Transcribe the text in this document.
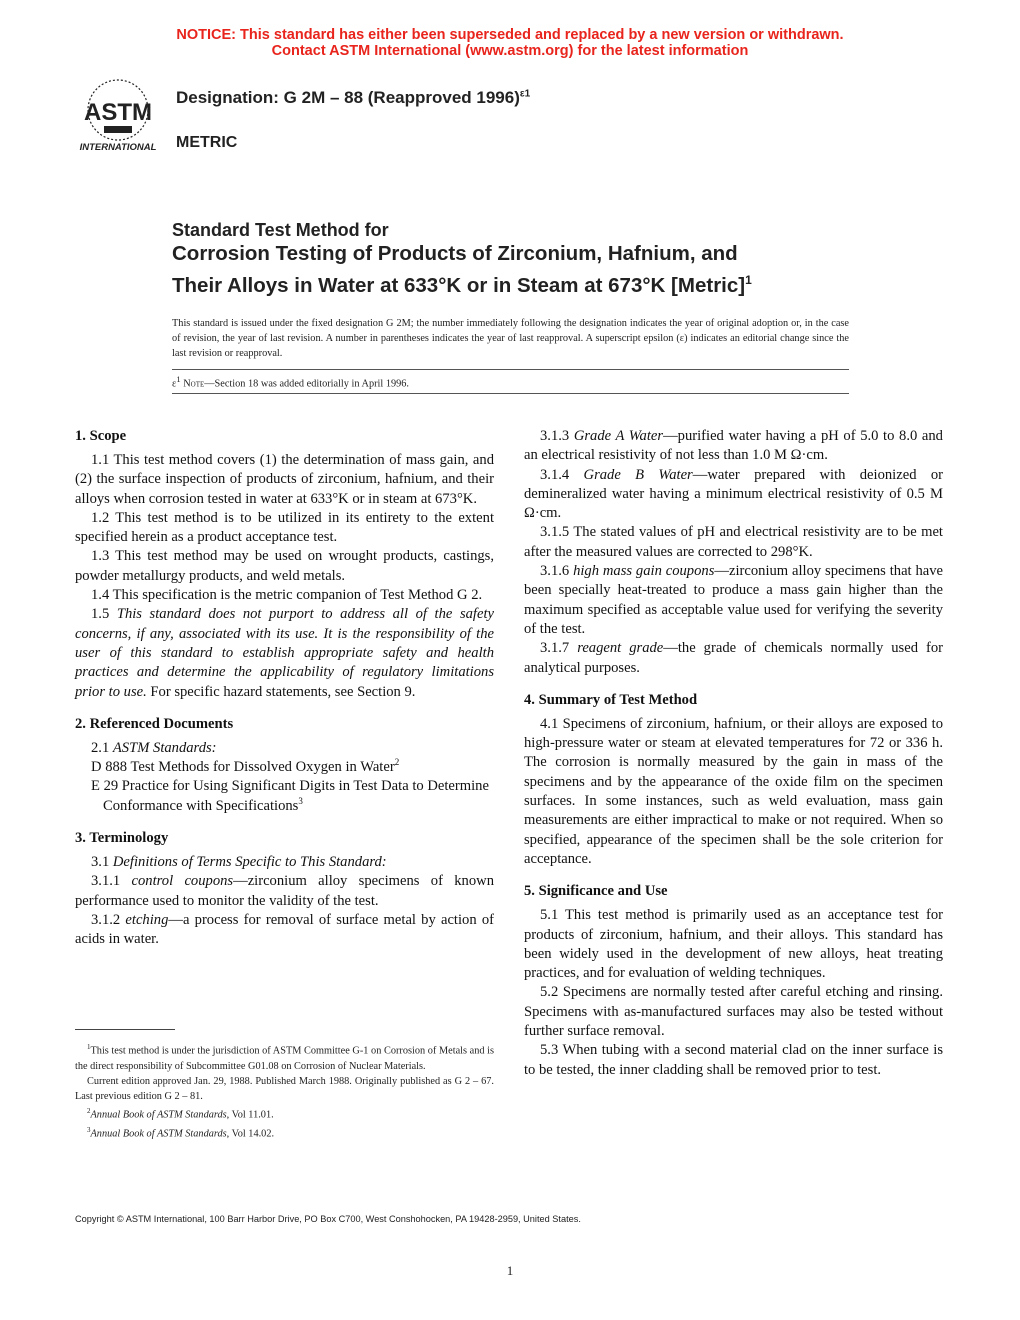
NOTICE: This standard has either been superseded and replaced by a new version or withdrawn.
Contact ASTM International (www.astm.org) for the latest information
ASTM
INTERNATIONAL
Designation: G 2M – 88 (Reapproved 1996)$^{\varepsilon 1}$
METRIC
Standard Test Method for
Corrosion Testing of Products of Zirconium, Hafnium, and
Their Alloys in Water at 633°K or in Steam at 673°K [Metric]$^1$
This standard is issued under the fixed designation G 2M; the number immediately following the designation indicates the year of original adoption or, in the case of revision, the year of last revision. A number in parentheses indicates the year of last reapproval. A superscript epsilon (ε) indicates an editorial change since the last revision or reapproval.
$\varepsilon^1$ Note—Section 18 was added editorially in April 1996.
1. Scope

1.1 This test method covers (1) the determination of mass gain, and (2) the surface inspection of products of zirconium, hafnium, and their alloys when corrosion tested in water at 633°K or in steam at 673°K.

1.2 This test method is to be utilized in its entirety to the extent specified herein as a product acceptance test.

1.3 This test method may be used on wrought products, castings, powder metallurgy products, and weld metals.

1.4 This specification is the metric companion of Test Method G 2.

1.5 This standard does not purport to address all of the safety concerns, if any, associated with its use. It is the responsibility of the user of this standard to establish appropriate safety and health practices and determine the applicability of regulatory limitations prior to use. For specific hazard statements, see Section 9.

2. Referenced Documents

2.1 ASTM Standards:

D 888 Test Methods for Dissolved Oxygen in Water$^2$

E 29 Practice for Using Significant Digits in Test Data to Determine Conformance with Specifications$^3$

3. Terminology

3.1 Definitions of Terms Specific to This Standard:

3.1.1 control coupons—zirconium alloy specimens of known performance used to monitor the validity of the test.

3.1.2 etching—a process for removal of surface metal by action of acids in water.

3.1.3 Grade A Water—purified water having a pH of 5.0 to 8.0 and an electrical resistivity of not less than 1.0 M Ω·cm.

3.1.4 Grade B Water—water prepared with deionized or demineralized water having a minimum electrical resistivity of 0.5 M Ω·cm.

3.1.5 The stated values of pH and electrical resistivity are to be met after the measured values are corrected to 298°K.

3.1.6 high mass gain coupons—zirconium alloy specimens that have been specially heat-treated to produce a mass gain higher than the maximum specified as acceptable value used for verifying the severity of the test.

3.1.7 reagent grade—the grade of chemicals normally used for analytical purposes.

4. Summary of Test Method

4.1 Specimens of zirconium, hafnium, or their alloys are exposed to high-pressure water or steam at elevated temperatures for 72 or 336 h. The corrosion is normally measured by the gain in mass of the specimens and by the appearance of the oxide film on the specimen surfaces. In some instances, such as weld evaluation, mass gain measurements are either impractical to make or not required. When so specified, appearance of the specimen shall be the sole criterion for acceptance.

5. Significance and Use

5.1 This test method is primarily used as an acceptance test for products of zirconium, hafnium, and their alloys. This standard has been widely used in the development of new alloys, heat treating practices, and for evaluation of welding techniques.

5.2 Specimens are normally tested after careful etching and rinsing. Specimens with as-manufactured surfaces may also be tested without further surface removal.

5.3 When tubing with a second material clad on the inner surface is to be tested, the inner cladding shall be removed prior to test.

$^1$This test method is under the jurisdiction of ASTM Committee G-1 on Corrosion of Metals and is the direct responsibility of Subcommittee G01.08 on Corrosion of Nuclear Materials.

Current edition approved Jan. 29, 1988. Published March 1988. Originally published as G 2 – 67. Last previous edition G 2 – 81.

$^2$Annual Book of ASTM Standards, Vol 11.01.

$^3$Annual Book of ASTM Standards, Vol 14.02.

Copyright © ASTM International, 100 Barr Harbor Drive, PO Box C700, West Conshohocken, PA 19428-2959, United States.
1
